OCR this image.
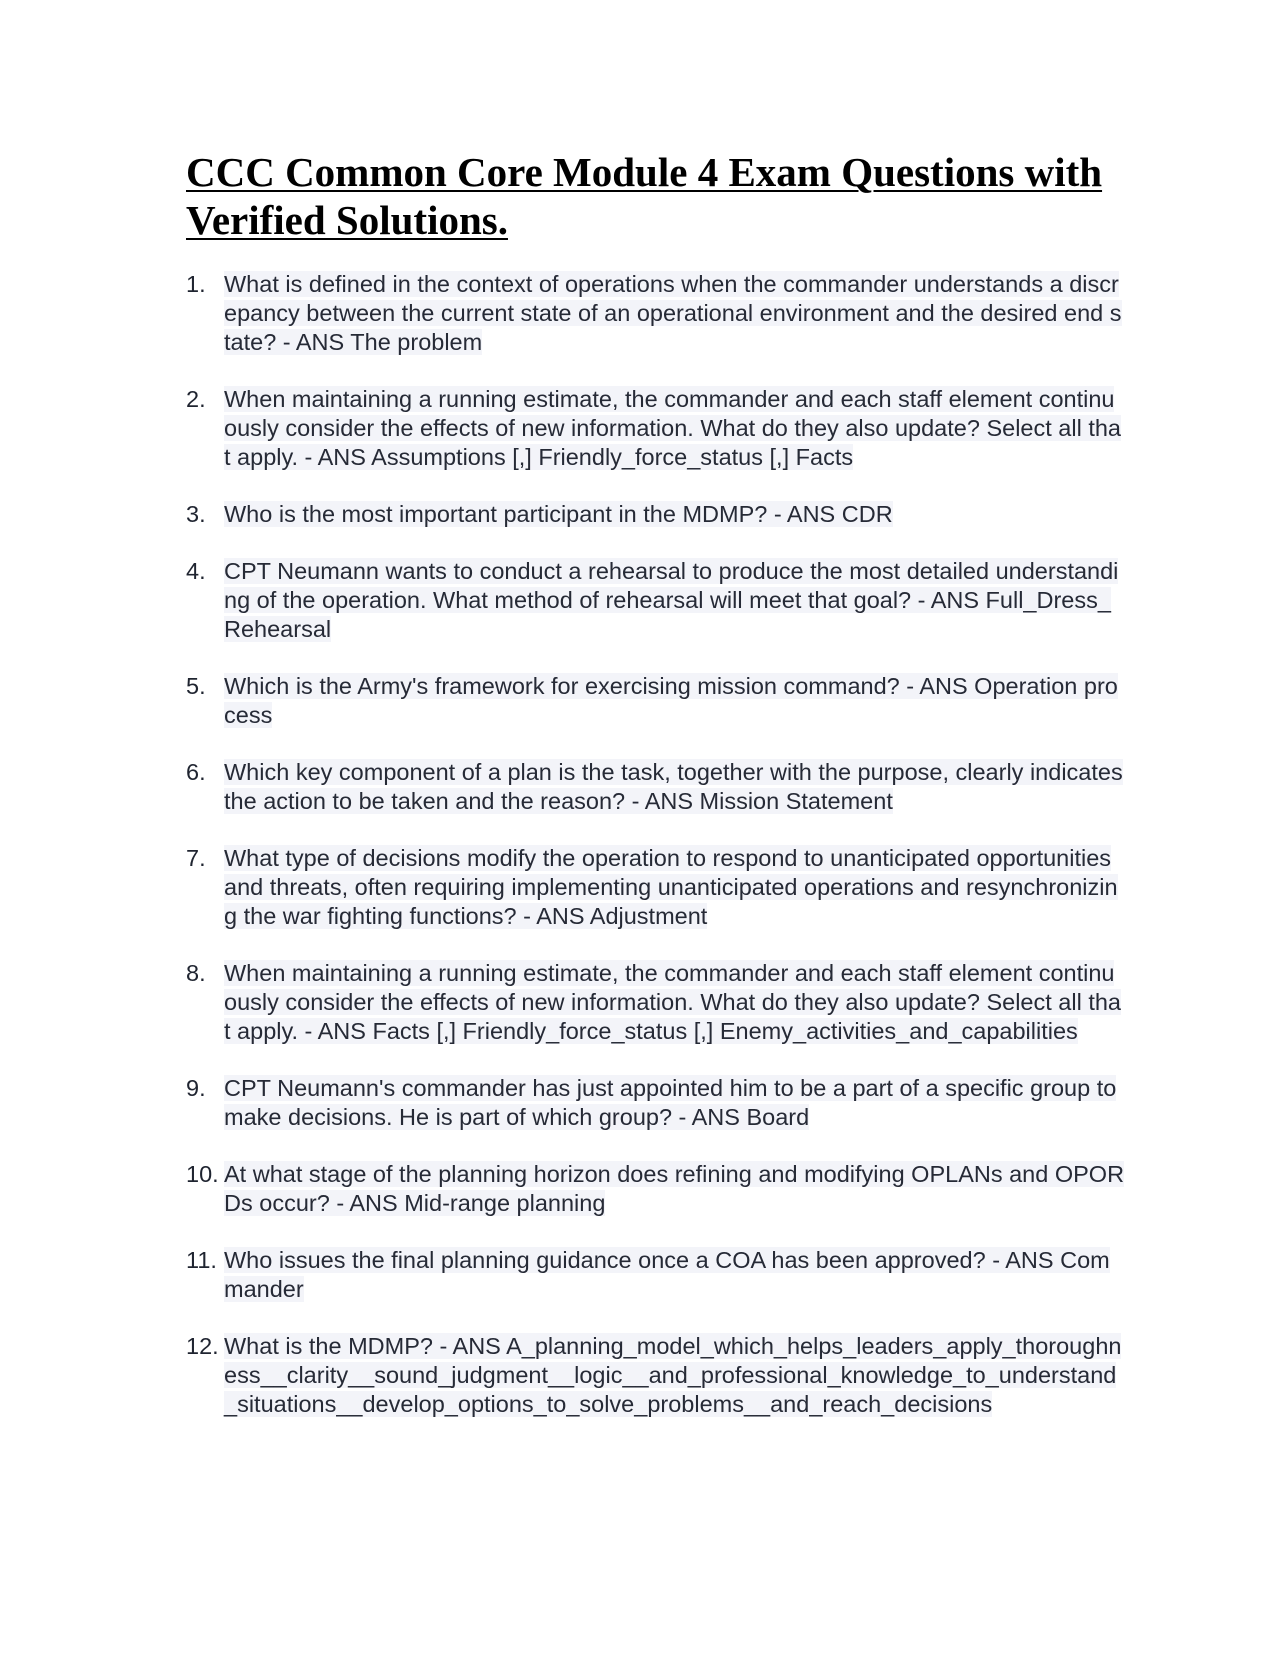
CCC Common Core Module 4 Exam Questions with Verified Solutions.
1. What is defined in the context of operations when the commander understands a discrepancy between the current state of an operational environment and the desired end state? - ANS The problem
2. When maintaining a running estimate, the commander and each staff element continuously consider the effects of new information. What do they also update? Select all that apply. - ANS Assumptions [,] Friendly_force_status [,] Facts
3. Who is the most important participant in the MDMP? - ANS CDR
4. CPT Neumann wants to conduct a rehearsal to produce the most detailed understanding of the operation. What method of rehearsal will meet that goal? - ANS Full_Dress_Rehearsal
5. Which is the Army's framework for exercising mission command? - ANS Operation process
6. Which key component of a plan is the task, together with the purpose, clearly indicates the action to be taken and the reason? - ANS Mission Statement
7. What type of decisions modify the operation to respond to unanticipated opportunities and threats, often requiring implementing unanticipated operations and resynchronizing the war fighting functions? - ANS Adjustment
8. When maintaining a running estimate, the commander and each staff element continuously consider the effects of new information. What do they also update? Select all that apply. - ANS Facts [,] Friendly_force_status [,] Enemy_activities_and_capabilities
9. CPT Neumann's commander has just appointed him to be a part of a specific group to make decisions. He is part of which group? - ANS Board
10. At what stage of the planning horizon does refining and modifying OPLANs and OPORDs occur? - ANS Mid-range planning
11. Who issues the final planning guidance once a COA has been approved? - ANS Commander
12. What is the MDMP? - ANS A_planning_model_which_helps_leaders_apply_thoroughness__clarity__sound_judgment__logic__and_professional_knowledge_to_understand_situations__develop_options_to_solve_problems__and_reach_decisions
